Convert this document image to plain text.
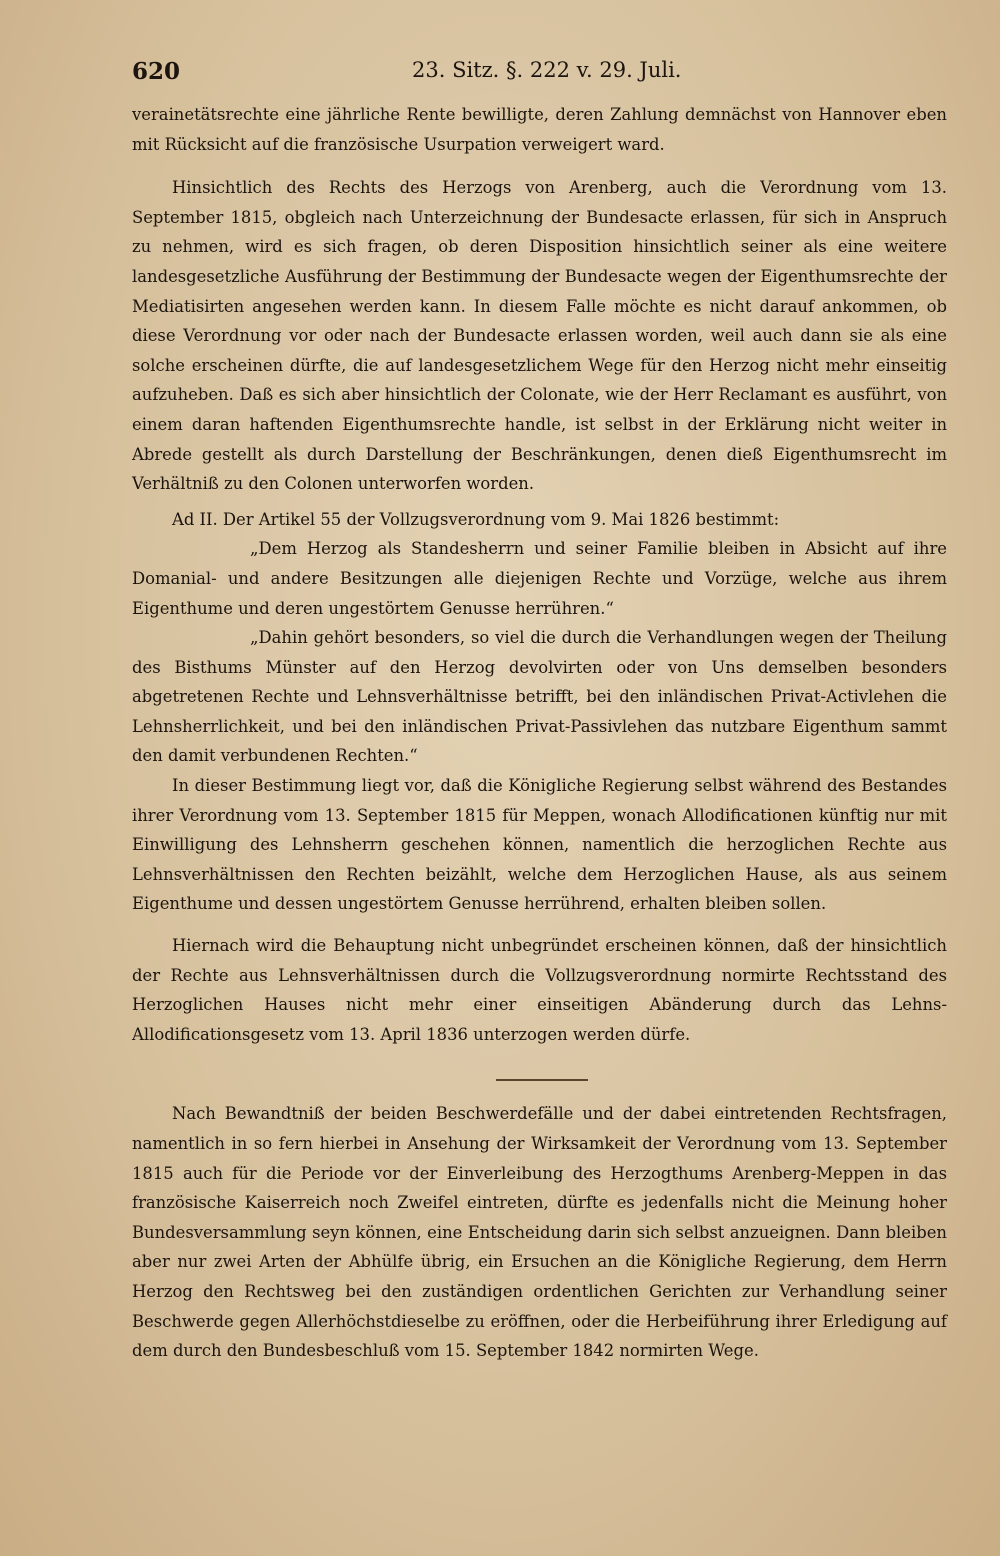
620	23. Sitz. §. 222 v. 29. Juli.

verainetätsrechte eine jährliche Rente bewilligte, deren Zahlung demnächst von Hannover eben mit Rücksicht auf die französische Usurpation verweigert ward.

Hinsichtlich des Rechts des Herzogs von Arenberg, auch die Verordnung vom 13. September 1815, obgleich nach Unterzeichnung der Bundesacte erlassen, für sich in Anspruch zu nehmen, wird es sich fragen, ob deren Disposition hinsichtlich seiner als eine weitere landesgesetzliche Ausführung der Bestimmung der Bundesacte wegen der Eigenthumsrechte der Mediatisirten angesehen werden kann. In diesem Falle möchte es nicht darauf ankommen, ob diese Verordnung vor oder nach der Bundesacte erlassen worden, weil auch dann sie als eine solche erscheinen dürfte, die auf landesgesetzlichem Wege für den Herzog nicht mehr einseitig aufzuheben. Daß es sich aber hinsichtlich der Colonate, wie der Herr Reclamant es ausführt, von einem daran haftenden Eigenthumsrechte handle, ist selbst in der Erklärung nicht weiter in Abrede gestellt als durch Darstellung der Beschränkungen, denen dieß Eigenthumsrecht im Verhältniß zu den Colonen unterworfen worden.

Ad II. Der Artikel 55 der Vollzugsverordnung vom 9. Mai 1826 bestimmt:

„Dem Herzog als Standesherrn und seiner Familie bleiben in Absicht auf ihre Domanial- und andere Besitzungen alle diejenigen Rechte und Vorzüge, welche aus ihrem Eigenthume und deren ungestörtem Genusse herrühren.“

„Dahin gehört besonders, so viel die durch die Verhandlungen wegen der Theilung des Bisthums Münster auf den Herzog devolvirten oder von Uns demselben besonders abgetretenen Rechte und Lehnsverhältnisse betrifft, bei den inländischen Privat-Activlehen die Lehnsherrlichkeit, und bei den inländischen Privat-Passivlehen das nutzbare Eigenthum sammt den damit verbundenen Rechten.“

In dieser Bestimmung liegt vor, daß die Königliche Regierung selbst während des Bestandes ihrer Verordnung vom 13. September 1815 für Meppen, wonach Allodificationen künftig nur mit Einwilligung des Lehnsherrn geschehen können, namentlich die herzoglichen Rechte aus Lehnsverhältnissen den Rechten beizählt, welche dem Herzoglichen Hause, als aus seinem Eigenthume und dessen ungestörtem Genusse herrührend, erhalten bleiben sollen.

Hiernach wird die Behauptung nicht unbegründet erscheinen können, daß der hinsichtlich der Rechte aus Lehnsverhältnissen durch die Vollzugsverordnung normirte Rechtsstand des Herzoglichen Hauses nicht mehr einer einseitigen Abänderung durch das Lehns-Allodificationsgesetz vom 13. April 1836 unterzogen werden dürfe.

Nach Bewandtniß der beiden Beschwerdefälle und der dabei eintretenden Rechtsfragen, namentlich in so fern hierbei in Ansehung der Wirksamkeit der Verordnung vom 13. September 1815 auch für die Periode vor der Einverleibung des Herzogthums Arenberg-Meppen in das französische Kaiserreich noch Zweifel eintreten, dürfte es jedenfalls nicht die Meinung hoher Bundesversammlung seyn können, eine Entscheidung darin sich selbst anzueignen. Dann bleiben aber nur zwei Arten der Abhülfe übrig, ein Ersuchen an die Königliche Regierung, dem Herrn Herzog den Rechtsweg bei den zuständigen ordentlichen Gerichten zur Verhandlung seiner Beschwerde gegen Allerhöchstdieselbe zu eröffnen, oder die Herbeiführung ihrer Erledigung auf dem durch den Bundesbeschluß vom 15. September 1842 normirten Wege.
